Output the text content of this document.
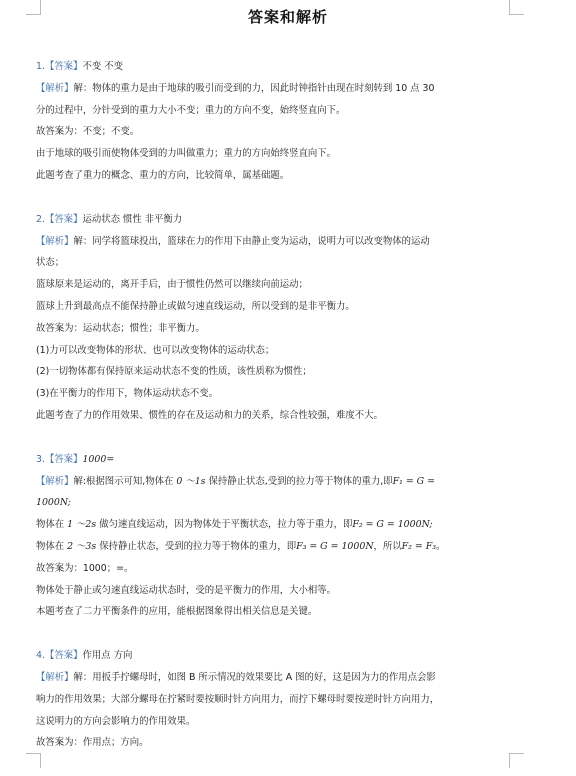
答案和解析
1.【答案】不变 不变
【解析】解：物体的重力是由于地球的吸引而受到的力，因此时钟指针由现在时刻转到 10 点 30
分的过程中，分针受到的重力大小不变；重力的方向不变，始终竖直向下。
故答案为：不变；不变。
由于地球的吸引而使物体受到的力叫做重力；重力的方向始终竖直向下。
此题考查了重力的概念、重力的方向，比较简单，属基础题。
2.【答案】运动状态 惯性 非平衡力
【解析】解：同学将篮球投出，篮球在力的作用下由静止变为运动，说明力可以改变物体的运动
状态；
篮球原来是运动的，离开手后，由于惯性仍然可以继续向前运动；
篮球上升到最高点不能保持静止或做匀速直线运动，所以受到的是非平衡力。
故答案为：运动状态；惯性；非平衡力。
(1)力可以改变物体的形状、也可以改变物体的运动状态；
(2)一切物体都有保持原来运动状态不变的性质，该性质称为惯性；
(3)在平衡力的作用下，物体运动状态不变。
此题考查了力的作用效果、惯性的存在及运动和力的关系，综合性较强，难度不大。
3.【答案】1000=
【解析】解:根据图示可知,物体在 0 ～1s 保持静止状态,受到的拉力等于物体的重力,即F₁ = G =
1000N;
物体在 1 ～2s 做匀速直线运动，因为物体处于平衡状态，拉力等于重力，即F₂ = G = 1000N;
物体在 2 ～3s 保持静止状态，受到的拉力等于物体的重力，即F₃ = G = 1000N，所以F₂ = F₃。
故答案为：1000；=。
物体处于静止或匀速直线运动状态时，受的是平衡力的作用，大小相等。
本题考查了二力平衡条件的应用，能根据图象得出相关信息是关键。
4.【答案】作用点 方向
【解析】解：用扳手拧螺母时，如图 B 所示情况的效果要比 A 图的好，这是因为力的作用点会影
响力的作用效果；大部分螺母在拧紧时要按顺时针方向用力，而拧下螺母时要按逆时针方向用力，
这说明力的方向会影响力的作用效果。
故答案为：作用点；方向。
